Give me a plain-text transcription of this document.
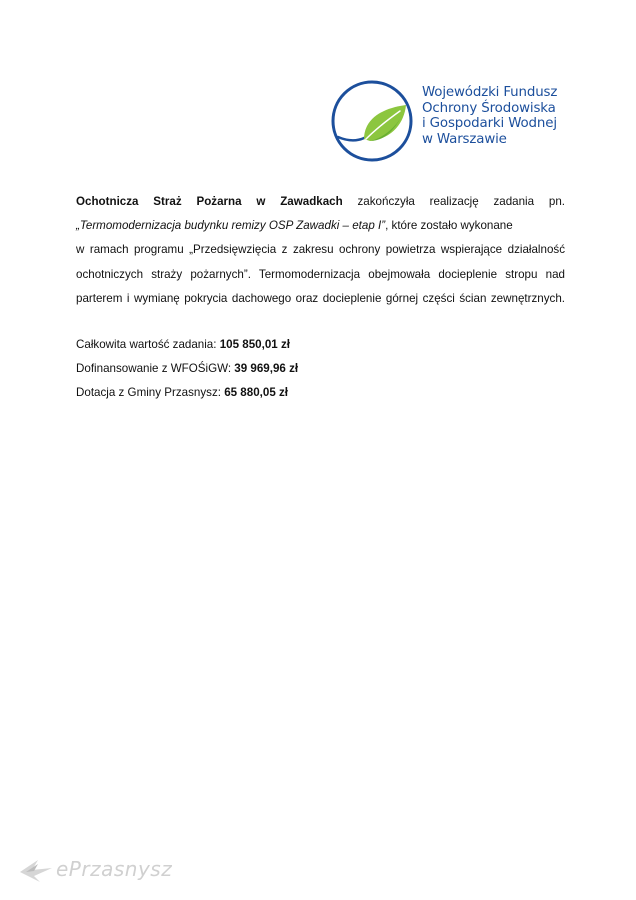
Wojewódzki Fundusz
Ochrony Środowiska
i Gospodarki Wodnej
w Warszawie
Ochotnicza Straż Pożarna w Zawadkach zakończyła realizację zadania pn.
„Termomodernizacja budynku remizy OSP Zawadki – etap I”, które zostało wykonane
w ramach programu „Przedsięwzięcia z zakresu ochrony powietrza wspierające działalność
ochotniczych straży pożarnych”. Termomodernizacja obejmowała docieplenie stropu nad
parterem i wymianę pokrycia dachowego oraz docieplenie górnej części ścian zewnętrznych.
Całkowita wartość zadania: 105 850,01 zł
Dofinansowanie z WFOŚiGW: 39 969,96 zł
Dotacja z Gminy Przasnysz: 65 880,05 zł
ePrzasnysz
